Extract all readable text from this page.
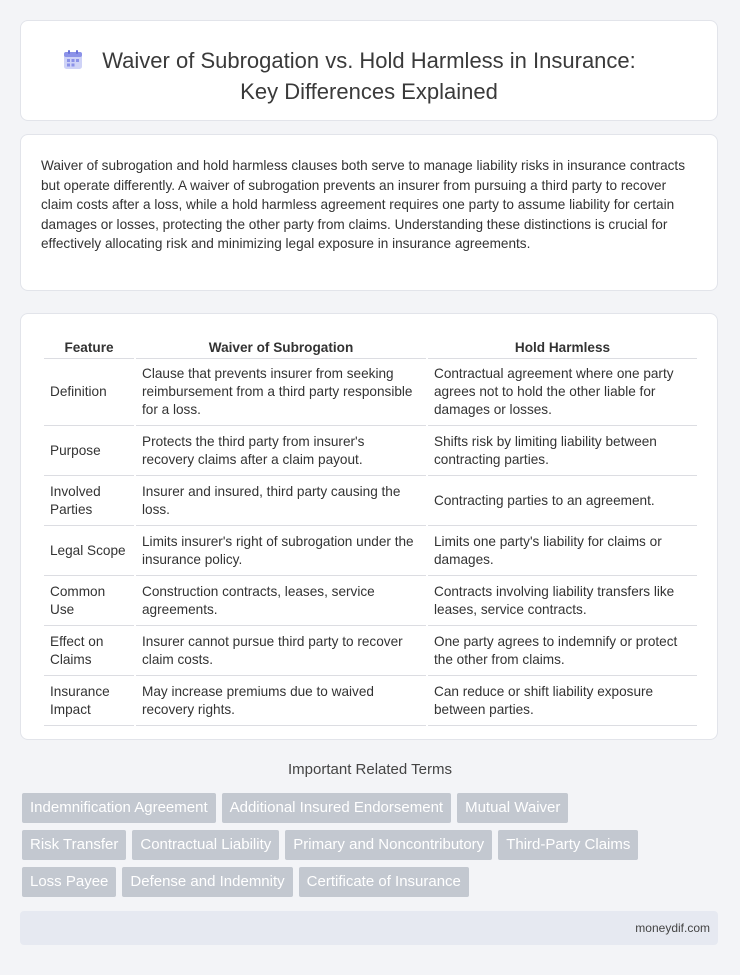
Waiver of Subrogation vs. Hold Harmless in Insurance:
Key Differences Explained

Waiver of subrogation and hold harmless clauses both serve to manage liability risks in insurance contracts but operate differently. A waiver of subrogation prevents an insurer from pursuing a third party to recover claim costs after a loss, while a hold harmless agreement requires one party to assume liability for certain damages or losses, protecting the other party from claims. Understanding these distinctions is crucial for effectively allocating risk and minimizing legal exposure in insurance agreements.

Feature	Waiver of Subrogation	Hold Harmless
Definition	Clause that prevents insurer from seeking reimbursement from a third party responsible for a loss.	Contractual agreement where one party agrees not to hold the other liable for damages or losses.
Purpose	Protects the third party from insurer's recovery claims after a claim payout.	Shifts risk by limiting liability between contracting parties.
Involved Parties	Insurer and insured, third party causing the loss.	Contracting parties to an agreement.
Legal Scope	Limits insurer's right of subrogation under the insurance policy.	Limits one party's liability for claims or damages.
Common Use	Construction contracts, leases, service agreements.	Contracts involving liability transfers like leases, service contracts.
Effect on Claims	Insurer cannot pursue third party to recover claim costs.	One party agrees to indemnify or protect the other from claims.
Insurance Impact	May increase premiums due to waived recovery rights.	Can reduce or shift liability exposure between parties.
Important Related Terms
Indemnification Agreement	Additional Insured Endorsement	Mutual Waiver
Risk Transfer	Contractual Liability	Primary and Noncontributory	Third-Party Claims
Loss Payee	Defense and Indemnity	Certificate of Insurance
moneydif.com
